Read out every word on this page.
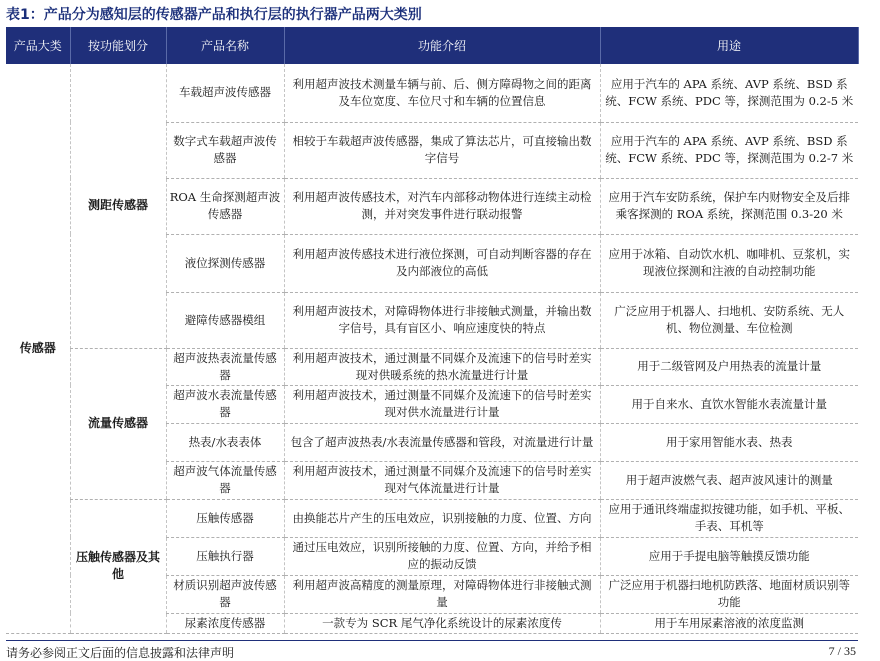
表1：产品分为感知层的传感器产品和执行层的执行器产品两大类别
产品大类	按功能划分	产品名称	功能介绍	用途
传感器	测距传感器	车载超声波传感器	利用超声波技术测量车辆与前、后、侧方障碍物之间的距离及车位宽度、车位尺寸和车辆的位置信息	应用于汽车的 APA 系统、AVP 系统、BSD 系统、FCW 系统、PDC 等，探测范围为 0.2-5 米
		数字式车载超声波传感器	相较于车载超声波传感器，集成了算法芯片，可直接输出数字信号	应用于汽车的 APA 系统、AVP 系统、BSD 系统、FCW 系统、PDC 等，探测范围为 0.2-7 米
		ROA 生命探测超声波传感器	利用超声波传感技术，对汽车内部移动物体进行连续主动检测，并对突发事件进行联动报警	应用于汽车安防系统，保护车内财物安全及后排乘客探测的 ROA 系统，探测范围 0.3-20 米
		液位探测传感器	利用超声波传感技术进行液位探测，可自动判断容器的存在及内部液位的高低	应用于冰箱、自动饮水机、咖啡机、豆浆机，实现液位探测和注液的自动控制功能
		避障传感器模组	利用超声波技术，对障碍物体进行非接触式测量，并输出数字信号，具有盲区小、响应速度快的特点	广泛应用于机器人、扫地机、安防系统、无人机、物位测量、车位检测
	流量传感器	超声波热表流量传感器	利用超声波技术，通过测量不同媒介及流速下的信号时差实现对供暖系统的热水流量进行计量	用于二级管网及户用热表的流量计量
		超声波水表流量传感器	利用超声波技术，通过测量不同媒介及流速下的信号时差实现对供水流量进行计量	用于自来水、直饮水智能水表流量计量
		热表/水表表体	包含了超声波热表/水表流量传感器和管段，对流量进行计量	用于家用智能水表、热表
		超声波气体流量传感器	利用超声波技术，通过测量不同媒介及流速下的信号时差实现对气体流量进行计量	用于超声波燃气表、超声波风速计的测量
	压触传感器及其他	压触传感器	由换能芯片产生的压电效应，识别接触的力度、位置、方向	应用于通讯终端虚拟按键功能，如手机、平板、手表、耳机等
		压触执行器	通过压电效应，识别所接触的力度、位置、方向，并给予相应的振动反馈	应用于手提电脑等触摸反馈功能
		材质识别超声波传感器	利用超声波高精度的测量原理，对障碍物体进行非接触式测量	广泛应用于机器扫地机防跌落、地面材质识别等功能
		尿素浓度传感器	一款专为 SCR 尾气净化系统设计的尿素浓度传	用于车用尿素溶液的浓度监测
请务必参阅正文后面的信息披露和法律声明	7 / 35
